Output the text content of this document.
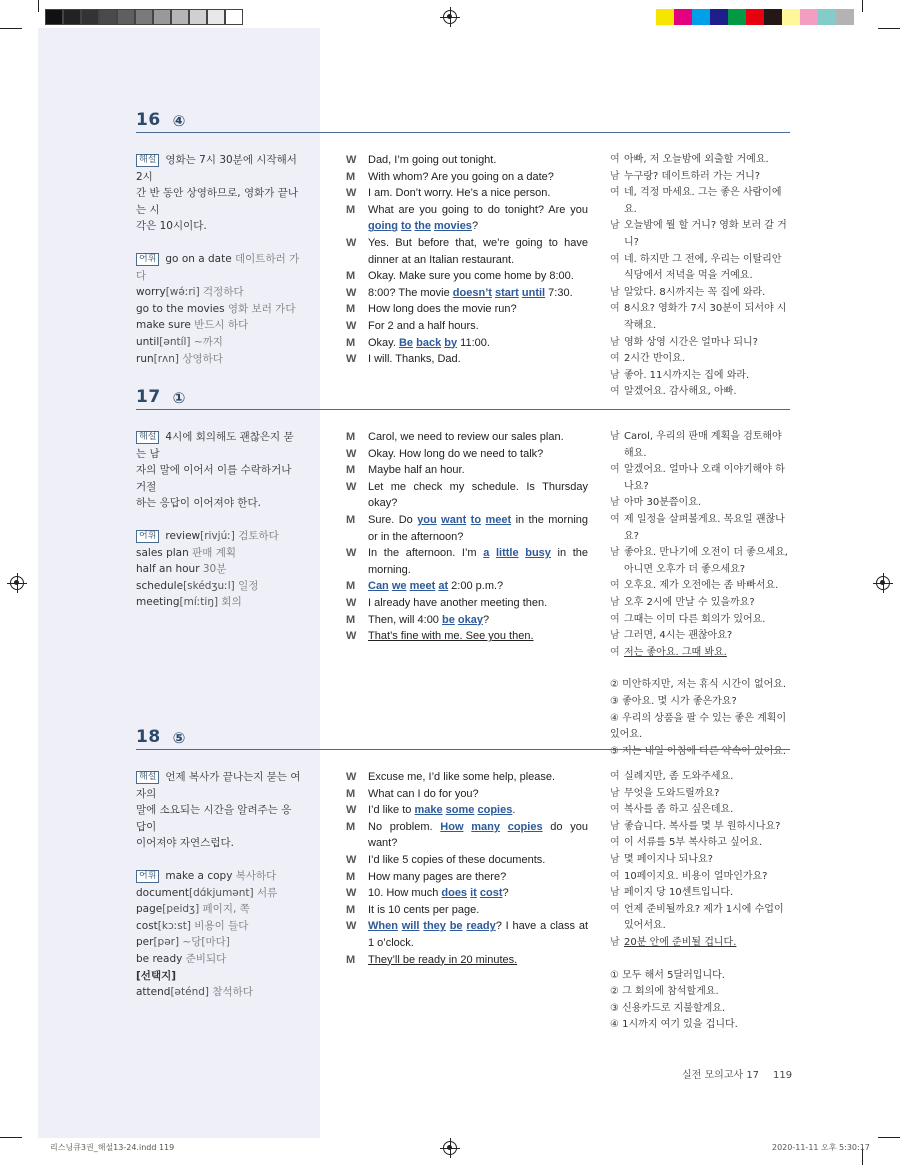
16 ④
해설 영화는 7시 30분에 시작해서 2시
간 반 동안 상영하므로, 영화가 끝나는 시
각은 10시이다.
어휘 go on a date 데이트하러 가다
worry[wə́ːri] 걱정하다
go to the movies 영화 보러 가다
make sure 반드시 하다
until[əntíl] ~까지
run[rʌn] 상영하다
W	Dad, I’m going out tonight.
M	With whom? Are you going on a date?
W	I am. Don’t worry. He’s a nice person.
M	What are you going to do tonight? Are you going to the movies?
W	Yes. But before that, we’re going to have dinner at an Italian restaurant.
M	Okay. Make sure you come home by 8:00.
W	8:00? The movie doesn’t start until 7:30.
M	How long does the movie run?
W	For 2 and a half hours.
M	Okay. Be back by 11:00.
W	I will. Thanks, Dad.
여 아빠, 저 오늘밤에 외출할 거예요.
남 누구랑? 데이트하러 가는 거니?
여 네, 걱정 마세요. 그는 좋은 사람이에요.
남 오늘밤에 뭘 할 거니? 영화 보러 갈 거니?
여 네. 하지만 그 전에, 우리는 이탈리안 식당에서 저녁을 먹을 거예요.
남 알았다. 8시까지는 꼭 집에 와라.
여 8시요? 영화가 7시 30분이 되서야 시작해요.
남 영화 상영 시간은 얼마나 되니?
여 2시간 반이요.
남 좋아. 11시까지는 집에 와라.
여 알겠어요. 감사해요, 아빠.
17 ①
해설 4시에 회의해도 괜찮은지 묻는 남
자의 말에 이어서 이를 수락하거나 거절
하는 응답이 이어져야 한다.
어휘 review[rivjúː] 검토하다
sales plan 판매 계획
half an hour 30분
schedule[skédʒuːl] 일정
meeting[míːtiŋ] 회의
M	Carol, we need to review our sales plan.
W	Okay. How long do we need to talk?
M	Maybe half an hour.
W	Let me check my schedule. Is Thursday okay?
M	Sure. Do you want to meet in the morning or in the afternoon?
W	In the afternoon. I’m a little busy in the morning.
M	Can we meet at 2:00 p.m.?
W	I already have another meeting then.
M	Then, will 4:00 be okay?
W	That’s fine with me. See you then.
남 Carol, 우리의 판매 계획을 검토해야 해요.
여 알겠어요. 얼마나 오래 이야기해야 하나요?
남 아마 30분쯤이요.
여 제 일정을 살펴볼게요. 목요일 괜찮나요?
남 좋아요. 만나기에 오전이 더 좋으세요, 아니면 오후가 더 좋으세요?
여 오후요. 제가 오전에는 좀 바빠서요.
남 오후 2시에 만날 수 있을까요?
여 그때는 이미 다른 회의가 있어요.
남 그러면, 4시는 괜찮아요?
여 저는 좋아요. 그때 봐요.
② 미안하지만, 저는 휴식 시간이 없어요.
③ 좋아요. 몇 시가 좋은가요?
④ 우리의 상품을 팔 수 있는 좋은 계획이 있어요.
⑤ 저는 내일 아침에 다른 약속이 있어요.
18 ⑤
해설 언제 복사가 끝나는지 묻는 여자의
말에 소요되는 시간을 알려주는 응답이
이어져야 자연스럽다.
어휘 make a copy 복사하다
document[dɑ́kjumənt] 서류
page[peidʒ] 페이지, 쪽
cost[kɔːst] 비용이 들다
per[pər] ~당[마다]
be ready 준비되다
[선택지]
attend[əténd] 참석하다
W	Excuse me, I’d like some help, please.
M	What can I do for you?
W	I’d like to make some copies.
M	No problem. How many copies do you want?
W	I’d like 5 copies of these documents.
M	How many pages are there?
W	10. How much does it cost?
M	It is 10 cents per page.
W	When will they be ready? I have a class at 1 o’clock.
M	They’ll be ready in 20 minutes.
여 실례지만, 좀 도와주세요.
남 무엇을 도와드릴까요?
여 복사를 좀 하고 싶은데요.
남 좋습니다. 복사를 몇 부 원하시나요?
여 이 서류를 5부 복사하고 싶어요.
남 몇 페이지나 되나요?
여 10페이지요. 비용이 얼마인가요?
남 페이지 당 10센트입니다.
여 언제 준비될까요? 제가 1시에 수업이 있어서요.
남 20분 안에 준비될 겁니다.
① 모두 해서 5달러입니다.
② 그 회의에 참석할게요.
③ 신용카드로 지불할게요.
④ 1시까지 여기 있을 겁니다.
실전 모의고사 17 119
리스닝큐3권_해설13-24.indd 119	2020-11-11 오후 5:30:17
